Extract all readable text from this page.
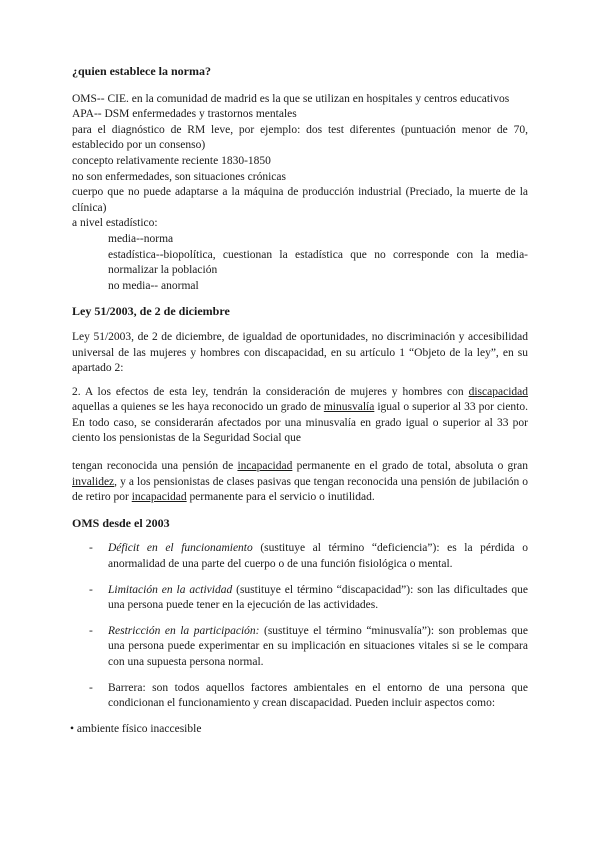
¿quien establece la norma?

OMS-- CIE. en la comunidad de madrid es la que se utilizan en hospitales y centros educativos

APA-- DSM enfermedades y trastornos mentales

para el diagnóstico de RM leve, por ejemplo: dos test diferentes (puntuación menor de 70, establecido por un consenso)

concepto relativamente reciente 1830-1850

no son enfermedades, son situaciones crónicas

cuerpo que no puede adaptarse a la máquina de producción industrial (Preciado, la muerte de la clínica)

a nivel estadístico:

media--norma

estadística--biopolítica, cuestionan la estadística que no corresponde con la media-normalizar la población

no media-- anormal

Ley 51/2003, de 2 de diciembre

Ley 51/2003, de 2 de diciembre, de igualdad de oportunidades, no discriminación y accesibilidad universal de las mujeres y hombres con discapacidad, en su artículo 1 “Objeto de la ley”, en su apartado 2:

2. A los efectos de esta ley, tendrán la consideración de mujeres y hombres con discapacidad aquellas a quienes se les haya reconocido un grado de minusvalía igual o superior al 33 por ciento. En todo caso, se considerarán afectados por una minusvalía en grado igual o superior al 33 por ciento los pensionistas de la Seguridad Social que

tengan reconocida una pensión de incapacidad permanente en el grado de total, absoluta o gran invalidez, y a los pensionistas de clases pasivas que tengan reconocida una pensión de jubilación o de retiro por incapacidad permanente para el servicio o inutilidad.

OMS desde el 2003

- Déficit en el funcionamiento (sustituye al término “deficiencia”): es la pérdida o anormalidad de una parte del cuerpo o de una función fisiológica o mental.

- Limitación en la actividad (sustituye el término “discapacidad”): son las dificultades que una persona puede tener en la ejecución de las actividades.

- Restricción en la participación: (sustituye el término “minusvalía”): son problemas que una persona puede experimentar en su implicación en situaciones vitales si se le compara con una supuesta persona normal.

- Barrera: son todos aquellos factores ambientales en el entorno de una persona que condicionan el funcionamiento y crean discapacidad. Pueden incluir aspectos como:

• ambiente físico inaccesible
